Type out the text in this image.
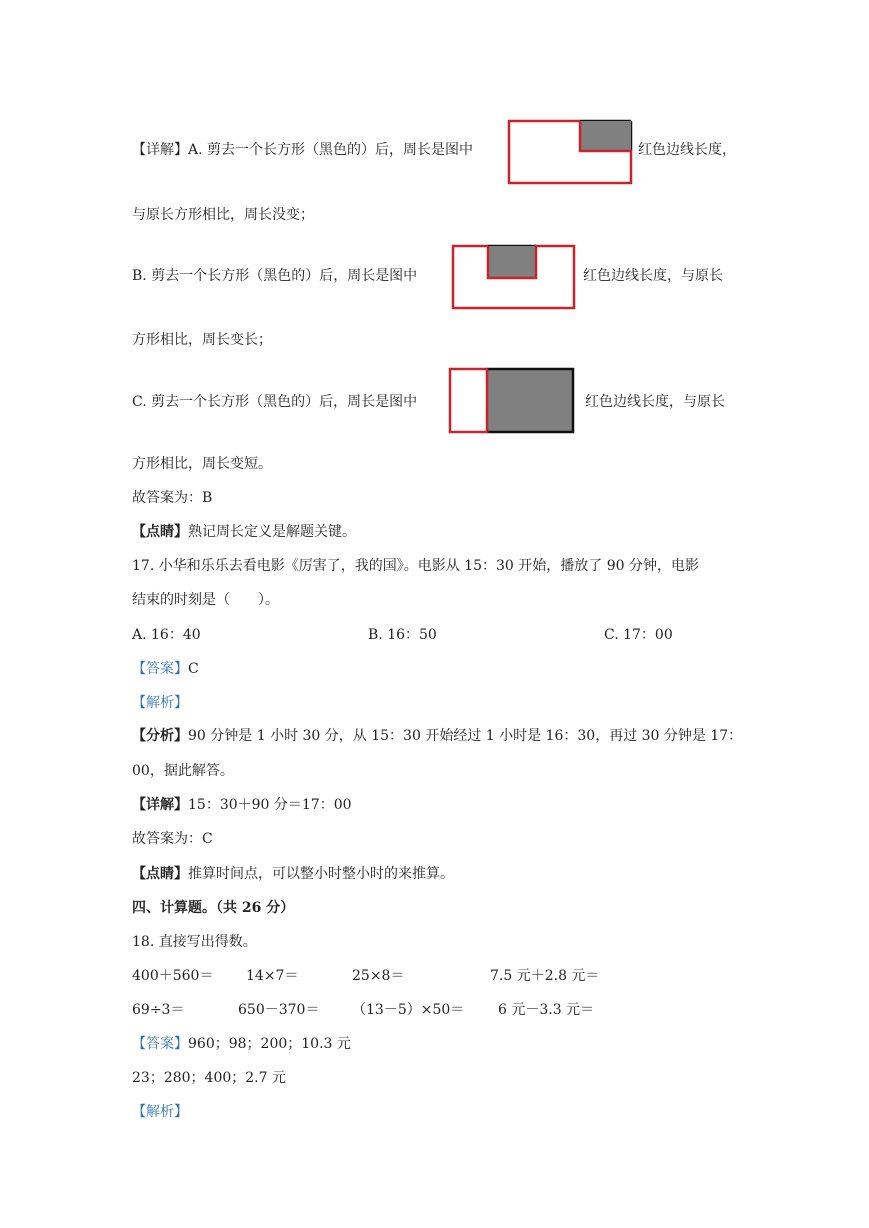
【详解】A. 剪去一个长方形（黑色的）后，周长是图中	红色边线长度，
与原长方形相比，周长没变；
B. 剪去一个长方形（黑色的）后，周长是图中	红色边线长度，与原长
方形相比，周长变长；
C. 剪去一个长方形（黑色的）后，周长是图中	红色边线长度，与原长
方形相比，周长变短。
故答案为：B
【点睛】熟记周长定义是解题关键。
17. 小华和乐乐去看电影《厉害了，我的国》。电影从 15：30 开始，播放了 90 分钟，电影
结束的时刻是（　　）。
A. 16：40	B. 16：50	C. 17：00
【答案】C
【解析】
【分析】90 分钟是 1 小时 30 分，从 15：30 开始经过 1 小时是 16：30，再过 30 分钟是 17：
00，据此解答。
【详解】15：30＋90 分＝17：00
故答案为：C
【点睛】推算时间点，可以整小时整小时的来推算。
四、计算题。（共 26 分）
18. 直接写出得数。
400＋560＝ 14×7＝	25×8＝	7.5 元＋2.8 元＝
69÷3＝	650－370＝ （13－5）×50＝ 6 元－3.3 元＝
【答案】960；98；200；10.3 元
23；280；400；2.7 元
【解析】
